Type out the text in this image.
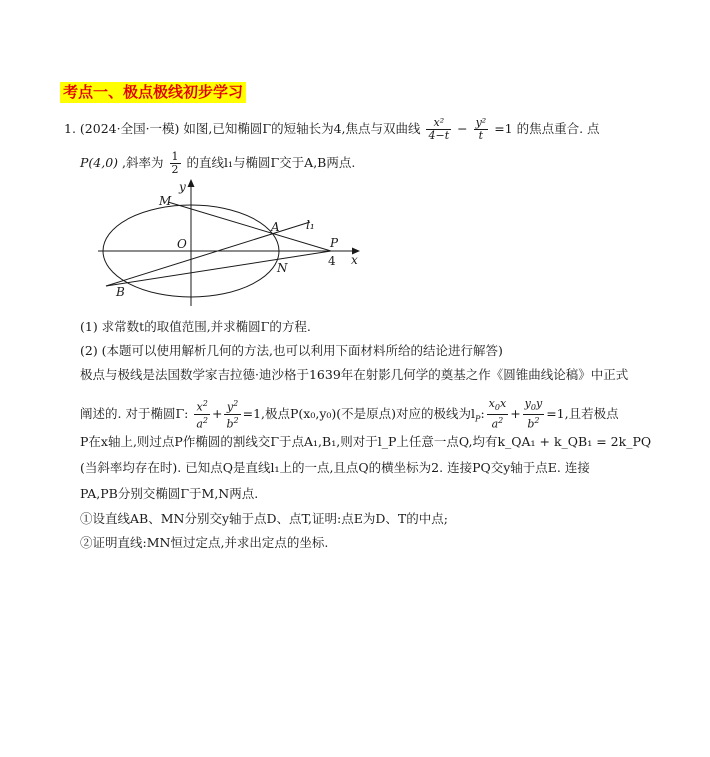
考点一、极点极线初步学习
1. (2024·全国·一模) 如图,已知椭圆Γ的短轴长为4,焦点与双曲线 $\frac{\text{x²}}{4-t} - \frac{\text{y²}}{t} =1$ 的焦点重合. 点
P(4,0) ,斜率为 $\frac{1}{2}$ 的直线l₁与椭圆Γ交于A,B两点.
y
x
O
M
A l₁
P
4
N
B
(1) 求常数t的取值范围,并求椭圆Γ的方程.
(2) (本题可以使用解析几何的方法,也可以利用下面材料所给的结论进行解答)
极点与极线是法国数学家吉拉德·迪沙格于1639年在射影几何学的奠基之作《圆锥曲线论稿》中正式
阐述的. 对于椭圆Γ: $\frac{x^2}{a^2} + \frac{y^2}{b^2} =1$,极点P(x₀,y₀)(不是原点)对应的极线为$l_P$: $\frac{x_0x}{a^2} + \frac{y_0y}{b^2} =1$,且若极点
P在x轴上,则过点P作椭圆的割线交Γ于点A₁,B₁,则对于l_P上任意一点Q,均有k_QA₁ + k_QB₁ = 2k_PQ
(当斜率均存在时). 已知点Q是直线l₁上的一点,且点Q的横坐标为2. 连接PQ交y轴于点E. 连接
PA,PB分别交椭圆Γ于M,N两点.
①设直线AB、MN分别交y轴于点D、点T,证明:点E为D、T的中点;
②证明直线:MN恒过定点,并求出定点的坐标.
